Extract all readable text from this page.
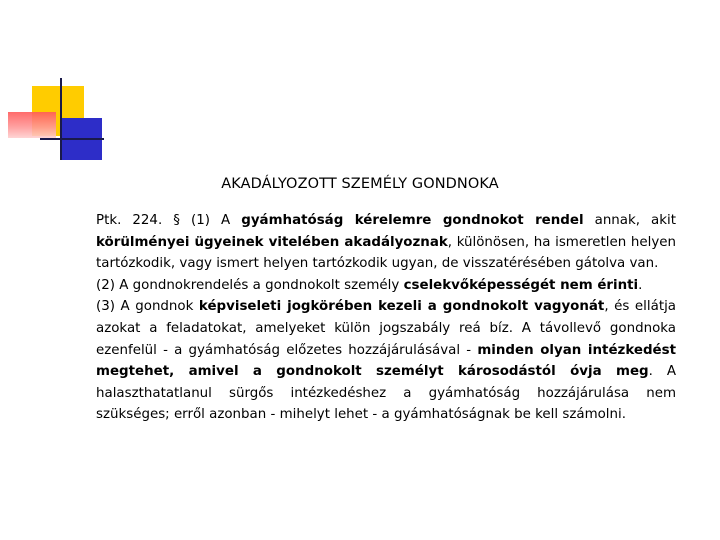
AKADÁLYOZOTT SZEMÉLY GONDNOKA

Ptk. 224. § (1) A gyámhatóság kérelemre gondnokot rendel annak, akit körülményei ügyeinek vitelében akadályoznak, különösen, ha ismeretlen helyen tartózkodik, vagy ismert helyen tartózkodik ugyan, de visszatérésében gátolva van.

(2) A gondnokrendelés a gondnokolt személy cselekvőképességét nem érinti.

(3) A gondnok képviseleti jogkörében kezeli a gondnokolt vagyonát, és ellátja azokat a feladatokat, amelyeket külön jogszabály reá bíz. A távollevő gondnoka ezenfelül - a gyámhatóság előzetes hozzájárulásával - minden olyan intézkedést megtehet, amivel a gondnokolt személyt károsodástól óvja meg. A halaszthatatlanul sürgős intézkedéshez a gyámhatóság hozzájárulása nem szükséges; erről azonban - mihelyt lehet - a gyámhatóságnak be kell számolni.
